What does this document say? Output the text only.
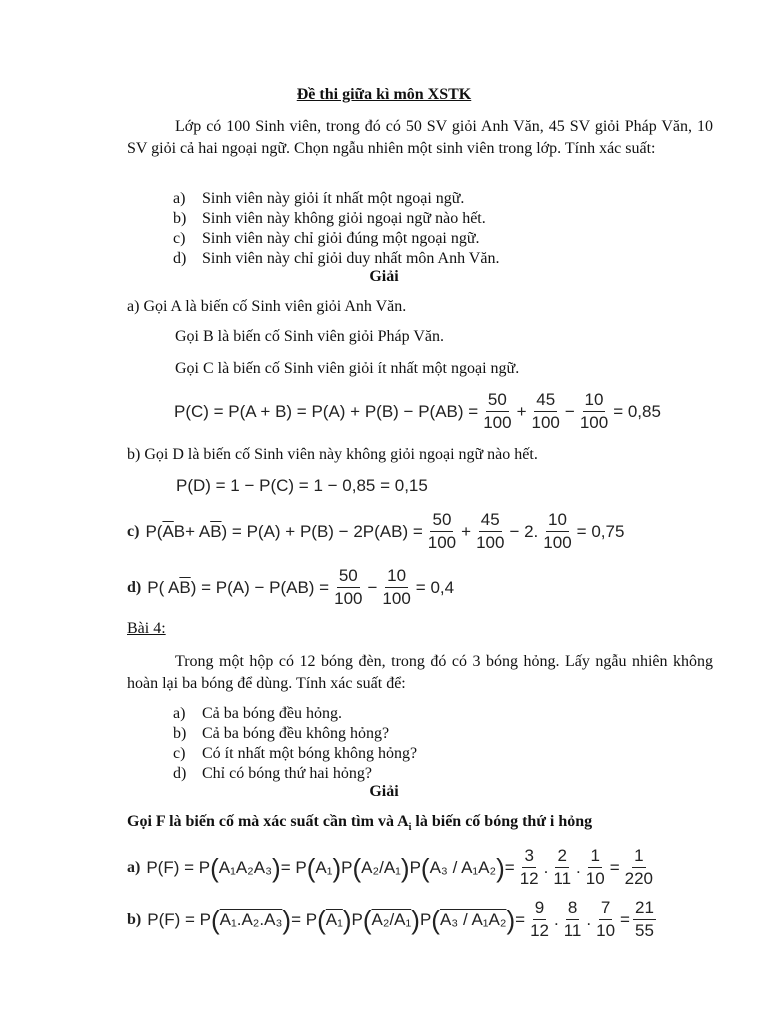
Đề thi giữa kì môn XSTK
Lớp có 100 Sinh viên, trong đó có 50 SV giỏi Anh Văn, 45 SV giỏi Pháp Văn, 10 SV giỏi cả hai ngoại ngữ. Chọn ngẫu nhiên một sinh viên trong lớp. Tính xác suất:
a)	Sinh viên này giỏi ít nhất một ngoại ngữ.
b) Sinh viên này không giỏi ngoại ngữ nào hết.
c)	Sinh viên này chỉ giỏi đúng một ngoại ngữ.
d) Sinh viên này chỉ giỏi duy nhất môn Anh Văn.
Giải
a) Gọi A là biến cố Sinh viên giỏi Anh Văn.
Gọi B là biến cố Sinh viên giỏi Pháp Văn.
Gọi C là biến cố Sinh viên giỏi ít nhất một ngoại ngữ.
$P(C) = P(A + B) = P(A) + P(B) - P(AB) = \frac{50}{100} + \frac{45}{100} - \frac{10}{100} = 0,85$
b) Gọi D là biến cố Sinh viên này không giỏi ngoại ngữ nào hết.
P(D) = 1 − P(C) = 1 − 0,85 = 0,15
c) P( $\overline{A}$ B + A $\overline{B}$ ) = $P(A) + P(B) - 2P(AB) = \frac{50}{100} + \frac{45}{100} - 2$. $\frac{10}{100} = 0,75$
d) P( A $\overline{B}$ ) = $P(A) - P(AB) = \frac{50}{100} - \frac{10}{100} = 0,4$
Bài 4:
Trong một hộp có 12 bóng đèn, trong đó có 3 bóng hỏng. Lấy ngẫu nhiên không hoàn lại ba bóng để dùng. Tính xác suất để:
a)	Cả ba bóng đều hỏng.
b) Cả ba bóng đều không hỏng?
c)	Có ít nhất một bóng không hỏng?
d) Chỉ có bóng thứ hai hỏng?
Giải
Gọi F là biến cố mà xác suất cần tìm và $A_i$ là biến cố bóng thứ i hỏng
a) P(F) = P ( A₁A₂A₃ ) = P ( A₁ ) P ( A₂/A₁ ) P ( A₃ / A₁A₂ ) = $\frac{3}{12}$ . $\frac{2}{11}$ . $\frac{1}{10} = \frac{1}{220}$
b) P(F) = P ( A₁.A₂.A₃ ) = P ( A₁ ) P ( A₂/A₁ ) P ( A₃ / A₁A₂ ) = $\frac{9}{12}$ . $\frac{8}{11}$ . $\frac{7}{10} = \frac{21}{55}$
